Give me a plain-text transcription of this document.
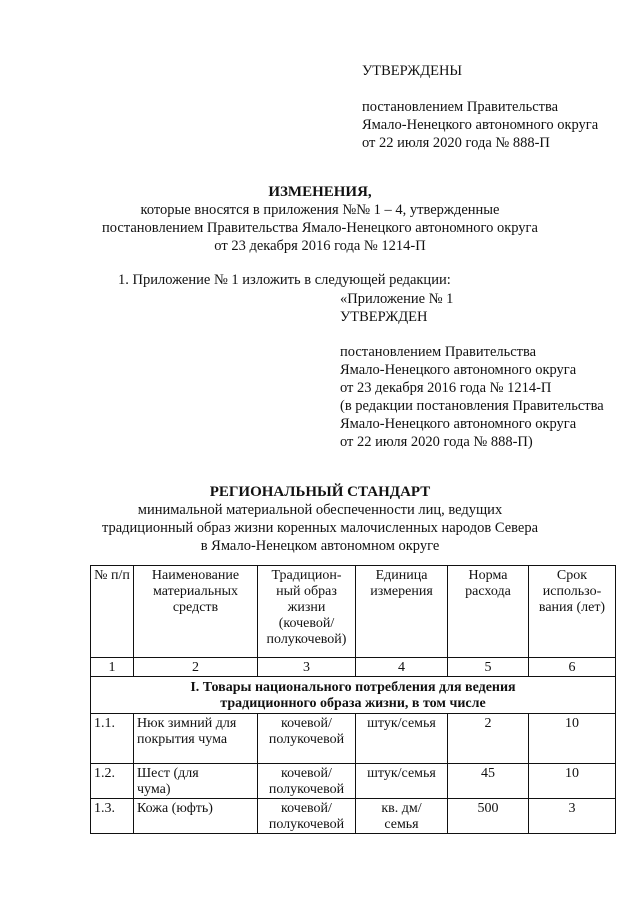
УТВЕРЖДЕНЫ
постановлением Правительства
Ямало-Ненецкого автономного округа
от 22 июля 2020 года № 888-П
ИЗМЕНЕНИЯ,
которые вносятся в приложения №№ 1 – 4, утвержденные
постановлением Правительства Ямало-Ненецкого автономного округа
от 23 декабря 2016 года № 1214-П
1. Приложение № 1 изложить в следующей редакции:
«Приложение № 1
УТВЕРЖДЕН
постановлением Правительства
Ямало-Ненецкого автономного округа
от 23 декабря 2016 года № 1214-П
(в редакции постановления Правительства
Ямало-Ненецкого автономного округа
от 22 июля 2020 года № 888-П)
РЕГИОНАЛЬНЫЙ СТАНДАРТ
минимальной материальной обеспеченности лиц, ведущих
традиционный образ жизни коренных малочисленных народов Севера
в Ямало-Ненецком автономном округе
№ п/п	Наименование материальных средств	Традицион-ный образ жизни (кочевой/ полукочевой)	Единица измерения	Норма расхода	Срок использо-вания (лет)
1	2	3	4	5	6
I. Товары национального потребления для ведения традиционного образа жизни, в том числе					
1.1.	Нюк зимний для покрытия чума	кочевой/ полукочевой	штук/семья	2	10
1.2.	Шест (для чума)	кочевой/ полукочевой	штук/семья	45	10
1.3.	Кожа (юфть)	кочевой/ полукочевой	кв. дм/ семья	500	3
